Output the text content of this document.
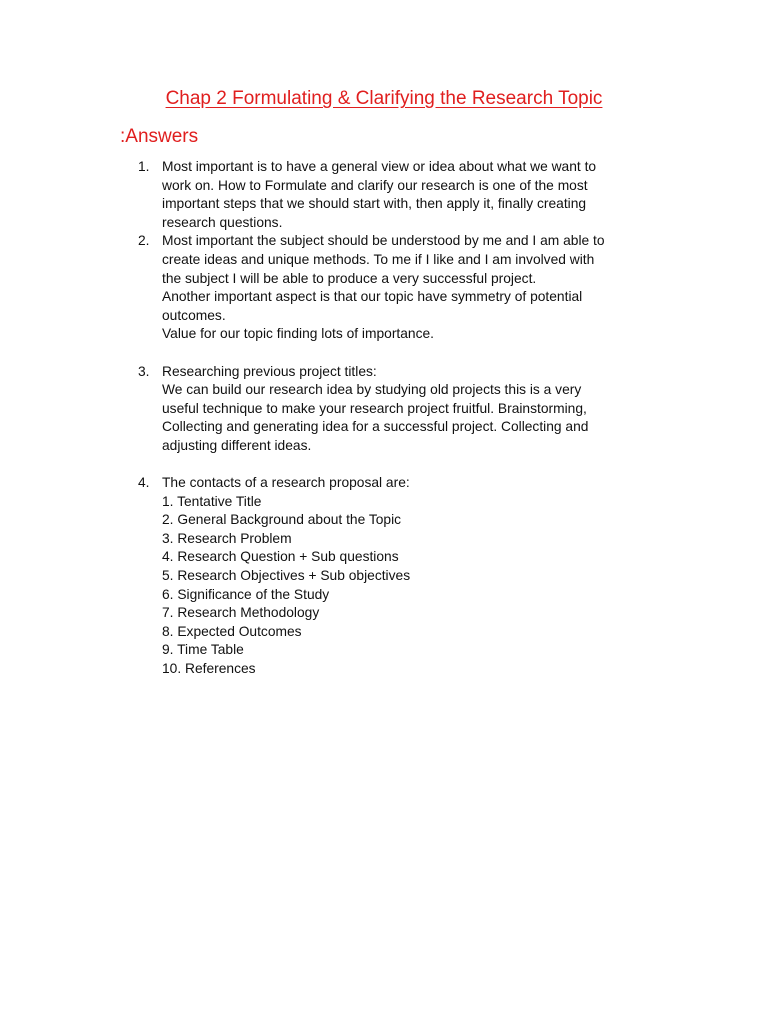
Chap 2 Formulating & Clarifying the Research Topic
:Answers
1. Most important is to have a general view or idea about what we want to
work on. How to Formulate and clarify our research is one of the most
important steps that we should start with, then apply it, finally creating
research questions.
2. Most important the subject should be understood by me and I am able to
create ideas and unique methods. To me if I like and I am involved with
the subject I will be able to produce a very successful project.
Another important aspect is that our topic have symmetry of potential
outcomes.
Value for our topic finding lots of importance.
3. Researching previous project titles:
We can build our research idea by studying old projects this is a very
useful technique to make your research project fruitful. Brainstorming,
Collecting and generating idea for a successful project. Collecting and
adjusting different ideas.
4. The contacts of a research proposal are:
1. Tentative Title
2. General Background about the Topic
3. Research Problem
4. Research Question + Sub questions
5. Research Objectives + Sub objectives
6. Significance of the Study
7. Research Methodology
8. Expected Outcomes
9. Time Table
10. References
